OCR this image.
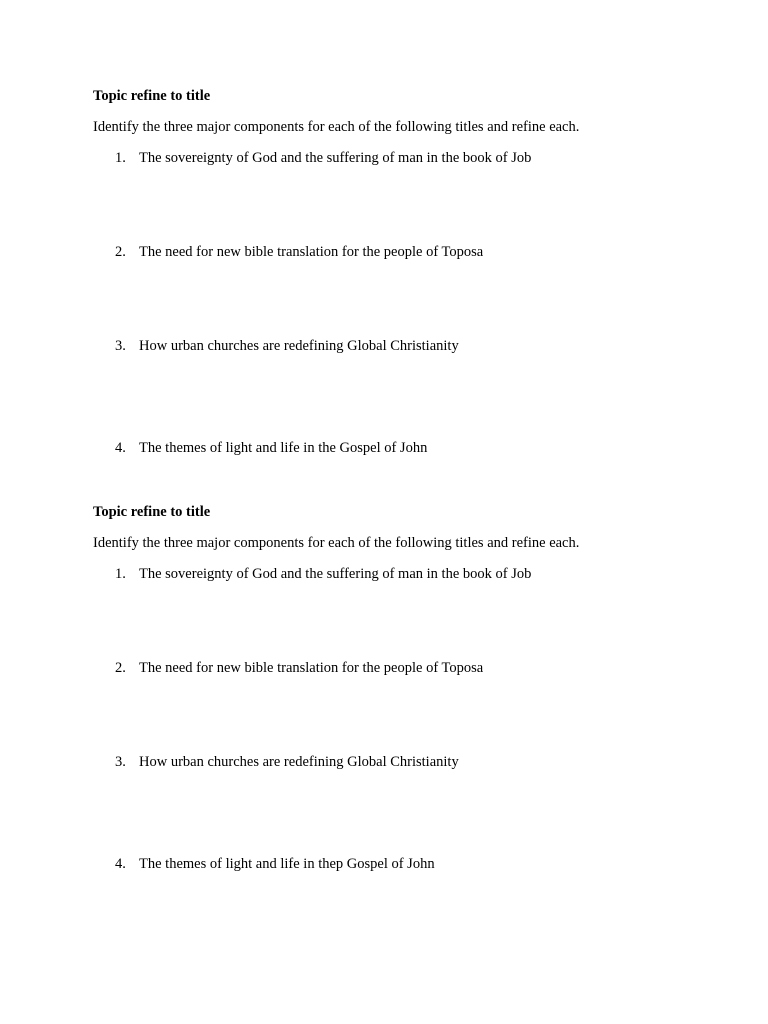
Topic refine to title

Identify the three major components for each of the following titles and refine each.

1. The sovereignty of God and the suffering of man in the book of Job
2. The need for new bible translation for the people of Toposa
3. How urban churches are redefining Global Christianity
4. The themes of light and life in the Gospel of John

Topic refine to title

Identify the three major components for each of the following titles and refine each.

1. The sovereignty of God and the suffering of man in the book of Job
2. The need for new bible translation for the people of Toposa
3. How urban churches are redefining Global Christianity
4. The themes of light and life in thep Gospel of John
